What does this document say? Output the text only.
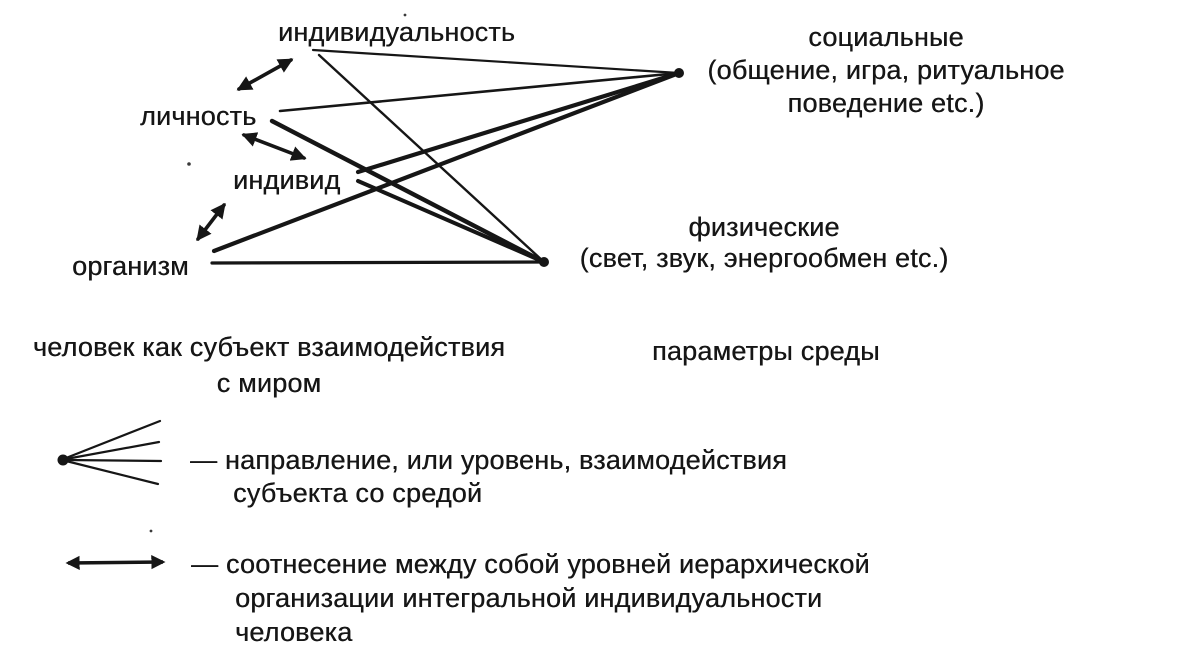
индивидуальность
личность
индивид
организм
социальные
(общение, игра, ритуальное
поведение etc.)
физические
(свет, звук, энергообмен etc.)
человек как субъект взаимодействия
с миром
параметры среды
— направление, или уровень, взаимодействия
субъекта со средой
— соотнесение между собой уровней иерархической
организации интегральной индивидуальности
человека
